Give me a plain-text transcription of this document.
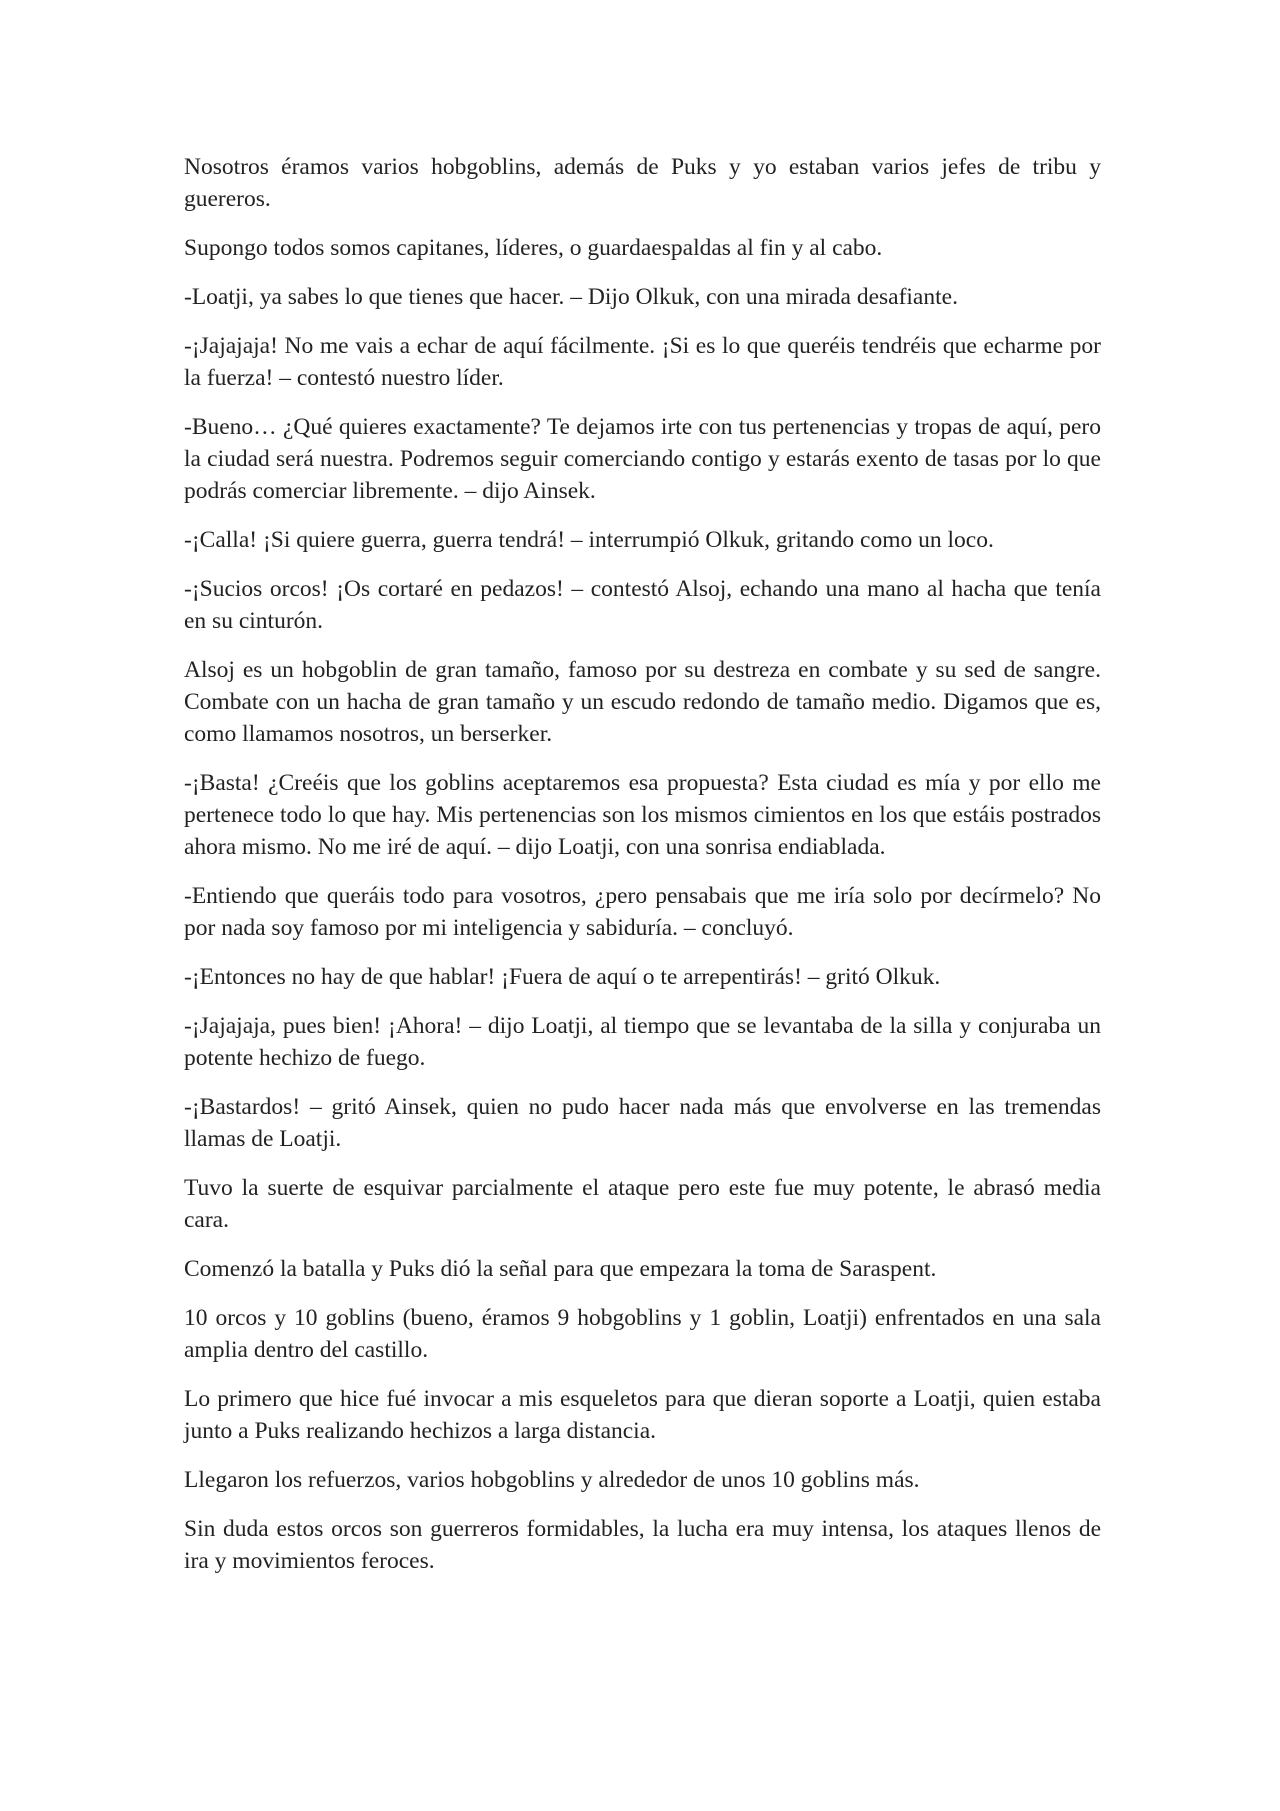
Nosotros éramos varios hobgoblins, además de Puks y yo estaban varios jefes de tribu y guereros.

Supongo todos somos capitanes, líderes, o guardaespaldas al fin y al cabo.

-Loatji, ya sabes lo que tienes que hacer. – Dijo Olkuk, con una mirada desafiante.

-¡Jajajaja! No me vais a echar de aquí fácilmente. ¡Si es lo que queréis tendréis que echarme por la fuerza! – contestó nuestro líder.

-Bueno… ¿Qué quieres exactamente? Te dejamos irte con tus pertenencias y tropas de aquí, pero la ciudad será nuestra. Podremos seguir comerciando contigo y estarás exento de tasas por lo que podrás comerciar libremente. – dijo Ainsek.

-¡Calla! ¡Si quiere guerra, guerra tendrá! – interrumpió Olkuk, gritando como un loco.

-¡Sucios orcos! ¡Os cortaré en pedazos! – contestó Alsoj, echando una mano al hacha que tenía en su cinturón.

Alsoj es un hobgoblin de gran tamaño, famoso por su destreza en combate y su sed de sangre. Combate con un hacha de gran tamaño y un escudo redondo de tamaño medio. Digamos que es, como llamamos nosotros, un berserker.

-¡Basta! ¿Creéis que los goblins aceptaremos esa propuesta? Esta ciudad es mía y por ello me pertenece todo lo que hay. Mis pertenencias son los mismos cimientos en los que estáis postrados ahora mismo. No me iré de aquí. – dijo Loatji, con una sonrisa endiablada.

-Entiendo que queráis todo para vosotros, ¿pero pensabais que me iría solo por decírmelo? No por nada soy famoso por mi inteligencia y sabiduría. – concluyó.

-¡Entonces no hay de que hablar! ¡Fuera de aquí o te arrepentirás! – gritó Olkuk.

-¡Jajajaja, pues bien! ¡Ahora! – dijo Loatji, al tiempo que se levantaba de la silla y conjuraba un potente hechizo de fuego.

-¡Bastardos! – gritó Ainsek, quien no pudo hacer nada más que envolverse en las tremendas llamas de Loatji.

Tuvo la suerte de esquivar parcialmente el ataque pero este fue muy potente, le abrasó media cara.

Comenzó la batalla y Puks dió la señal para que empezara la toma de Saraspent.

10 orcos y 10 goblins (bueno, éramos 9 hobgoblins y 1 goblin, Loatji) enfrentados en una sala amplia dentro del castillo.

Lo primero que hice fué invocar a mis esqueletos para que dieran soporte a Loatji, quien estaba junto a Puks realizando hechizos a larga distancia.

Llegaron los refuerzos, varios hobgoblins y alrededor de unos 10 goblins más.

Sin duda estos orcos son guerreros formidables, la lucha era muy intensa, los ataques llenos de ira y movimientos feroces.
